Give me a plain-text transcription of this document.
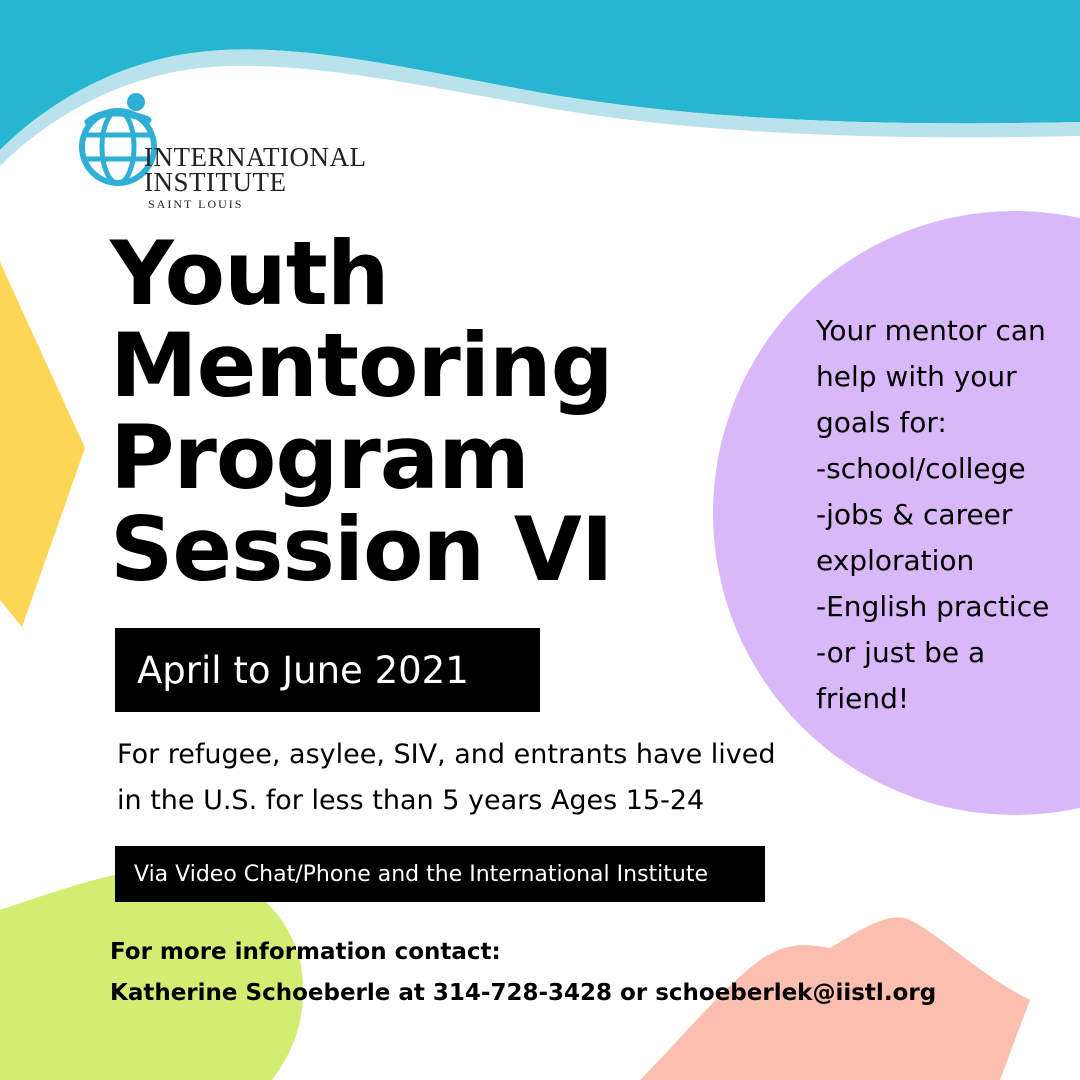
INTERNATIONAL
INSTITUTE
SAINT LOUIS
Youth
Mentoring
Program
Session VI
April to June 2021
For refugee, asylee, SIV, and entrants have lived
in the U.S. for less than 5 years Ages 15-24
Via Video Chat/Phone and the International Institute
For more information contact:
Katherine Schoeberle at 314-728-3428 or schoeberlek@iistl.org
Your mentor can
help with your
goals for:
-school/college
-jobs & career
exploration
-English practice
-or just be a
friend!
